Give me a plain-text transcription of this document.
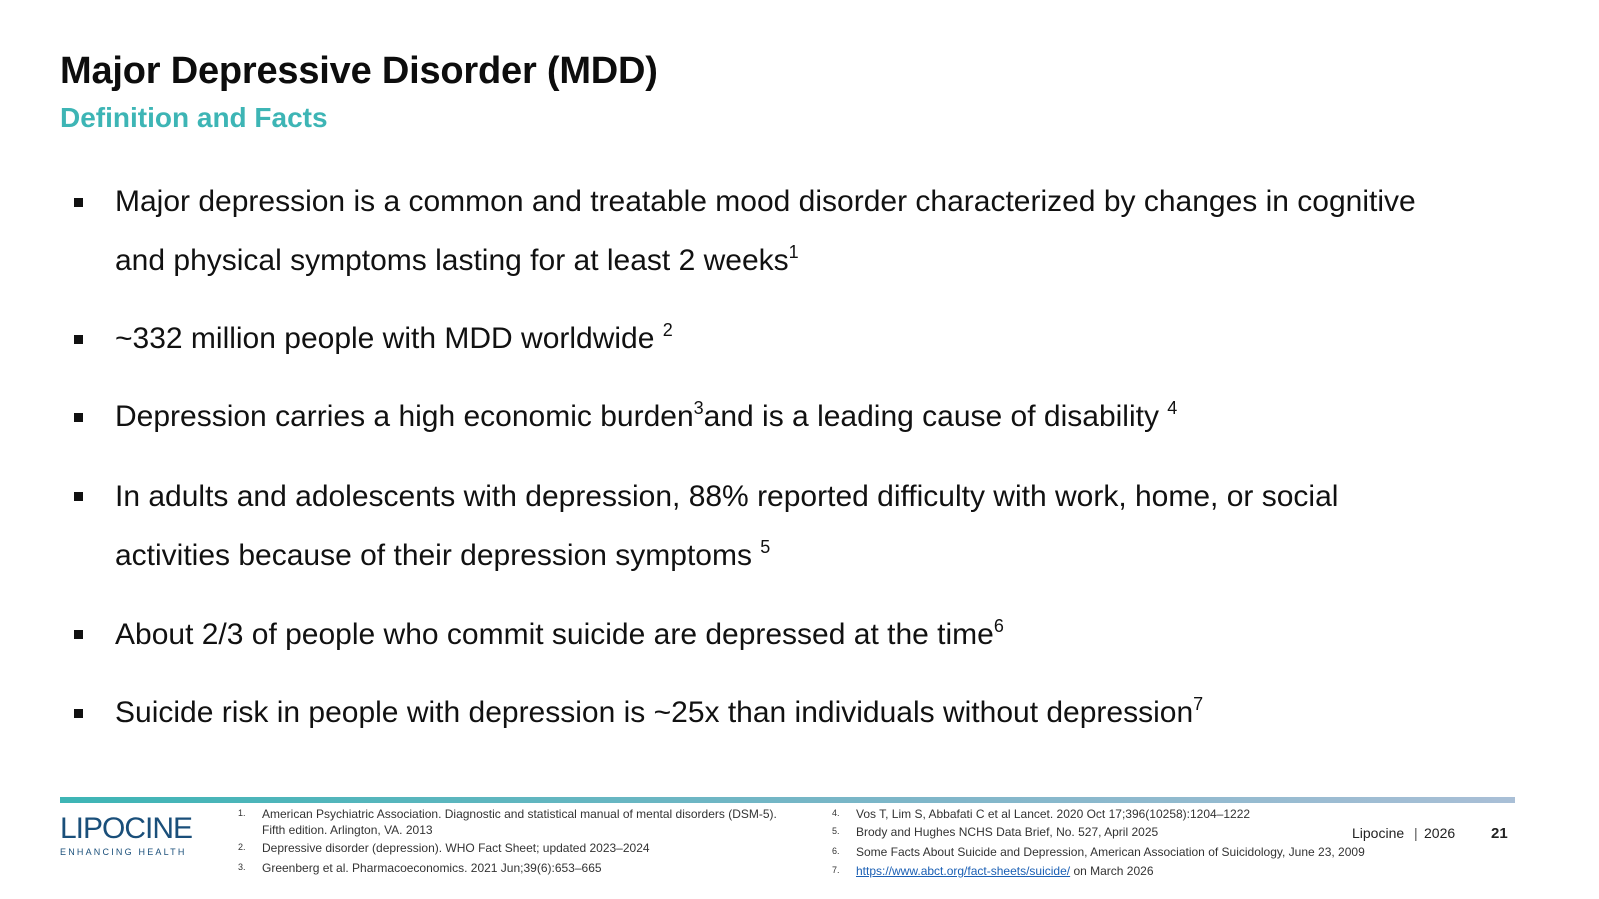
Major Depressive Disorder (MDD)
Definition and Facts
Major depression is a common and treatable mood disorder characterized by changes in cognitive
and physical symptoms lasting for at least 2 weeks$^1$
~332 million people with MDD worldwide $^2$
Depression carries a high economic burden$^3$and is a leading cause of disability $^4$
In adults and adolescents with depression, 88% reported difficulty with work, home, or social
activities because of their depression symptoms $^5$
About 2/3 of people who commit suicide are depressed at the time$^6$
Suicide risk in people with depression is ~25x than individuals without depression$^7$
LIPOCINE
ENHANCING HEALTH
1. American Psychiatric Association. Diagnostic and statistical manual of mental disorders (DSM-5).
Fifth edition. Arlington, VA. 2013
2. Depressive disorder (depression). WHO Fact Sheet; updated 2023–2024
3. Greenberg et al. Pharmacoeconomics. 2021 Jun;39(6):653–665
4. Vos T, Lim S, Abbafati C et al Lancet. 2020 Oct 17;396(10258):1204–1222
5. Brody and Hughes NCHS Data Brief, No. 527, April 2025
6. Some Facts About Suicide and Depression, American Association of Suicidology, June 23, 2009
7. https://www.abct.org/fact-sheets/suicide/ on March 2026
Lipocine | 2026 21
